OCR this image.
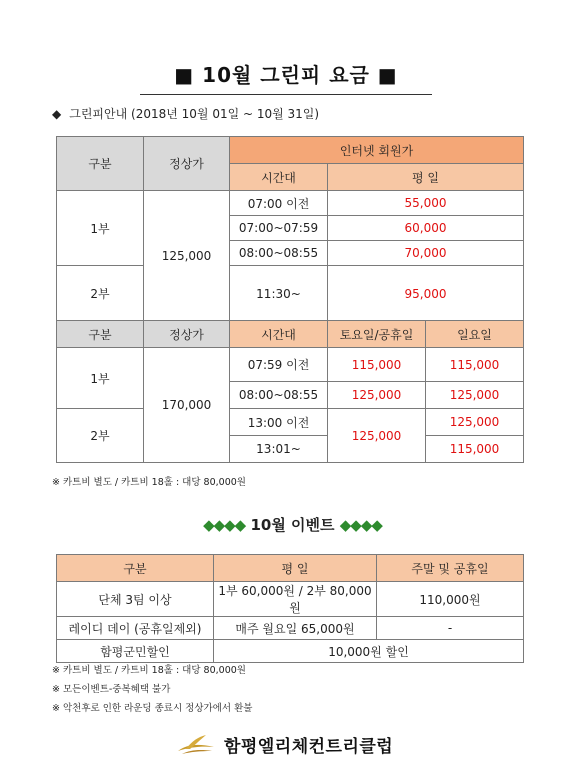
■ 10월 그린피 요금 ■
◆ 그린피안내 (2018년 10월 01일 ~ 10월 31일)
구분	정상가	인터넷 회원가	
		시간대	평 일
1부	125,000	07:00 이전	55,000
		07:00~07:59	60,000
		08:00~08:55	70,000
2부		11:30~	95,000
구분	정상가	시간대	토요일/공휴일	일요일
1부	170,000	07:59 이전	115,000	115,000
		08:00~08:55	125,000	125,000
2부		13:00 이전	125,000	125,000
		13:01~		115,000
※ 카트비 별도 / 카트비 18홀 : 대당 80,000원
◆◆◆◆ 10월 이벤트 ◆◆◆◆
구분	평 일	주말 및 공휴일
단체 3팀 이상	1부 60,000원 / 2부 80,000원	110,000원
레이디 데이 (공휴일제외)	매주 월요일 65,000원	-
함평군민할인	10,000원 할인	
※ 카트비 별도 / 카트비 18홀 : 대당 80,000원
※ 모든이벤트-중복혜택 불가
※ 악천후로 인한 라운딩 종료시 정상가에서 환불
함평엘리체컨트리클럽
